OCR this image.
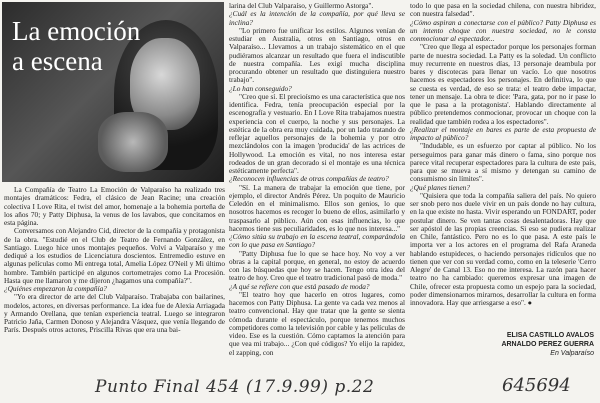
La emoción
a escena

La Compañía de Teatro La Emoción de Valparaíso ha realizado tres montajes dramáticos: Fedra, el clásico de Jean Racine; una creación colectiva I Love Rita, el twist del amor, homenaje a la bohemia porteña de los años 70; y Patty Diphusa, la venus de los lavabos, que concitamos en esta página.

Conversamos con Alejandro Cid, director de la compañía y protagonista de la obra. "Estudié en el Club de Teatro de Fernando González, en Santiago. Luego hice unos montajes pequeños. Volví a Valparaíso y me dediqué a los estudios de Licenciatura doscientos. Entremedio estuve en algunas películas como Mi entrega total, Amelia López O'Neil y Mi último hombre. También participé en algunos cortometrajes como La Procesión. Hasta que me llamaron y me dijeron ¿hagamos una compañía?".

¿Quiénes empezaron la compañía?

"Yo era director de arte del Club Valparaíso. Trabajaba con bailarines, modelos, actores, en diversas performance. La idea fue de Alexia Arriagada y Armando Orellana, que tenían experiencia teatral. Luego se integraron Patricio Jaña, Carmen Donoso y Alejandra Vásquez, que venía llegando de París. Después otros actores, Priscilla Rivas que era una bai-

larina del Club Valparaíso, y Guillermo Astorga".

¿Cuál es la intención de la compañía, por qué lleva se inclina?

"Lo primero fue unificar los estilos. Algunos venían de estudiar en Australia, otros en Santiago, otros en Valparaíso... Llevamos a un trabajo sistemático en el que pudiéramos alcanzar un resultado que fuera el indiscutible de nuestra compañía. Les exigí mucha disciplina procurando obtener un resultado que distinguiera nuestro trabajo".

¿Lo han conseguido?

"Creo que sí. El precioísmo es una característica que nos identifica. Fedra, tenía preocupación especial por la escenografía y vestuario. En I Love Rita trabajamos nuestra experiencia con el cuerpo, la noche y sus personajes. La estética de la obra era muy cuidada, por un lado tratando de reflejar aquellos personajes de la bohemia y por otro mezclándolos con la imagen 'producida' de las actrices de Hollywood. La emoción es vital, no nos interesa estar rodeados de un gran decorado si el montaje es una técnica estéticamente perfecta".

¿Reconocen influencias de otras compañías de teatro?

"Sí. La manera de trabajar la emoción que tiene, por ejemplo, el director Andrés Pérez. Un poquito de Mauricio Celedón en el minimalismo. Ellos son genios, lo que nosotros hacemos es recoger lo bueno de ellos, asimilarlo y traspasarlo al público. Aún con esas influencias, lo que hacemos tiene sus peculiaridades, es lo que nos interesa..."

¿Cómo sitúa su trabajo en la escena teatral, comparándola con lo que pasa en Santiago?

"Patty Diphusa fue lo que se hace hoy. No voy a ver obras a la capital porque, en general, no estoy de acuerdo con las búsquedas que hoy se hacen. Tengo otra idea del teatro de hoy. Creo que el teatro tradicional pasó de moda."

¿A qué se refiere con que está pasado de moda?

"El teatro hoy que hacerlo en otros lugares, como hacemos con Patty Diphusa. La gente va cada vez menos al teatro convencional. Hay que tratar que la gente se sienta cómoda durante el espectáculo, porque tenemos muchos competidores como la televisión por cable y las películas de video. Ese es la cuestión. Cómo captamos la atención para que vea mi trabajo... ¿Con qué códigos? Yo elijo la rapidez, el zapping, con

todo lo que pasa en la sociedad chilena, con nuestra hibridez, con nuestra falsedad".

¿Cómo aspiran a conectarse con el público? Patty Diphusa es un intento choque con nuestra sociedad, no le consta conmocionar al espectador...

"Creo que llega al espectador porque los personajes forman parte de nuestra sociedad. La Patty es la soledad. Un conflicto muy recurrente en nuestros días, 13 personaje deambula por bares y discotecas para llenar un vacío. Lo que nosotros hacemos es espectadores los personajes. En definitiva, lo que se cuesta es verdad, de eso se trata: el teatro debe impactar, tener un mensaje. La obra te dice: 'Para, gata, por no ir pase lo que le pasa a la protagonista'. Hablando directamente al público pretendemos conmocionar, provocar un choque con la realidad que también rodea a los espectadores".

¿Realizar el montaje en bares es parte de esta propuesta de impacto al público?

"Indudable, es un esfuerzo por captar al público. No los perseguimos para ganar más dinero o fama, sino porque nos parece vital recuperar espectadores para la cultura de este país, para que se mueva a sí mismo y detengan su camino de consumismo sin límites".

¿Qué planes tienen?

"Quisiera que toda la compañía saliera del país. No quiero ser snob pero nos duele vivir en un país donde no hay cultura, en la que existe no hasta. Vivir esperando un FONDART, poder postular dinero. Se ven tantas cosas desalentadoras. Hay que ser apóstol de las propias creencias. Si eso se pudiera realizar en Chile, fantástico. Pero no es lo que pasa. A este país le importa ver a los actores en el programa del Rafa Araneda hablando estupideces, o haciendo personajes ridículos que no tienen que ver con su verdad como, como en la teleserie 'Cerro Alegre' de Canal 13. Eso no me interesa. La razón para hacer teatro no ha cambiado: queremos expresar una imagen de Chile, ofrecer esta propuesta como un espejo para la sociedad, poder dimensionarnos mirarnos, desarrollar la cultura en forma innovadora. Hay que arriesgarse a eso". ●

ELISA CASTILLO AVALOS
ARNALDO PEREZ GUERRA
En Valparaíso
Punto Final 454 (17.9.99) p.22	645694
